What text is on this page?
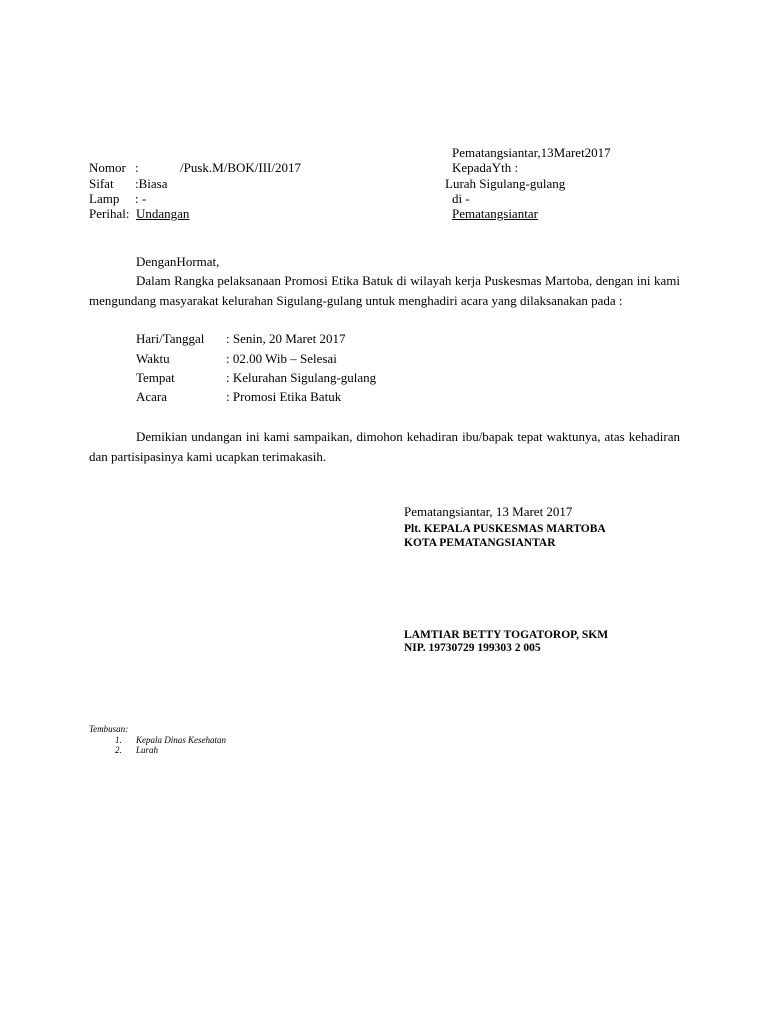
Pematangsiantar,13Maret2017
Nomor :	/Pusk.M/BOK/III/2017
Sifat :Biasa
Lamp : -
Perihal: Undangan
KepadaYth :
Lurah Sigulang-gulang
di -
Pematangsiantar
DenganHormat,
Dalam Rangka pelaksanaan Promosi Etika Batuk di wilayah kerja Puskesmas Martoba, dengan ini kami mengundang masyarakat kelurahan Sigulang-gulang untuk menghadiri acara yang dilaksanakan pada :
Hari/Tanggal : Senin, 20 Maret 2017
Waktu	: 02.00 Wib – Selesai
Tempat	: Kelurahan Sigulang-gulang
Acara	: Promosi Etika Batuk
Demikian undangan ini kami sampaikan, dimohon kehadiran ibu/bapak tepat waktunya, atas kehadiran dan partisipasinya kami ucapkan terimakasih.
Pematangsiantar, 13 Maret 2017
Plt. KEPALA PUSKESMAS MARTOBA
KOTA PEMATANGSIANTAR
LAMTIAR BETTY TOGATOROP, SKM
NIP. 19730729 199303 2 005
Tembusan:
1. Kepala Dinas Kesehatan
2. Lurah
